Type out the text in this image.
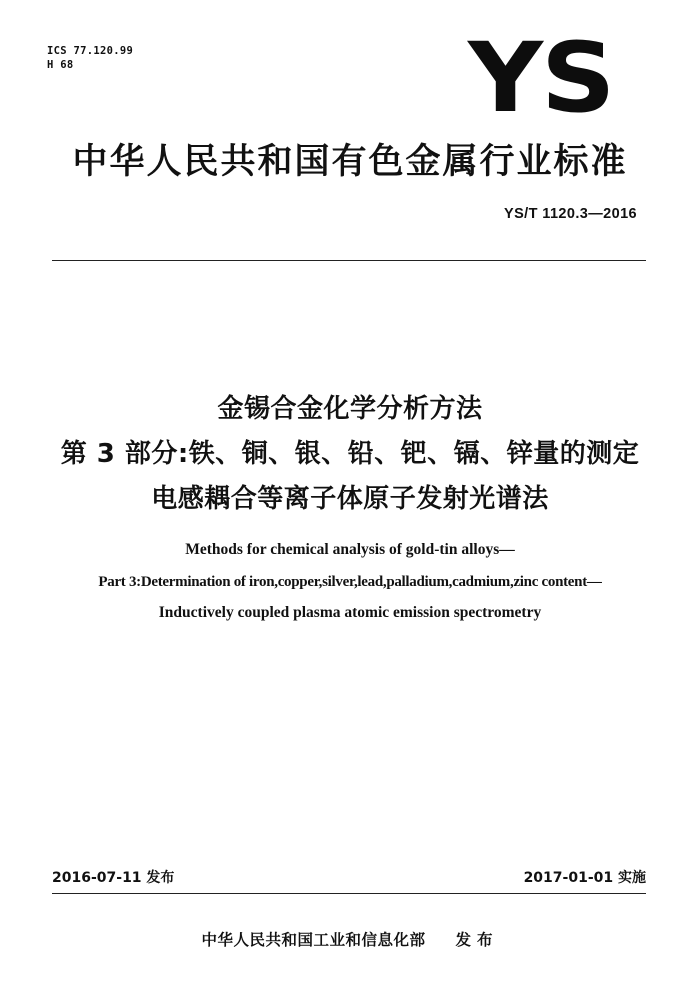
ICS 77.120.99
H 68	YS
中华人民共和国有色金属行业标准
YS/T 1120.3—2016
金锡合金化学分析方法
第 3 部分:铁、铜、银、铅、钯、镉、锌量的测定
电感耦合等离子体原子发射光谱法
Methods for chemical analysis of gold-tin alloys—
Part 3:Determination of iron,copper,silver,lead,palladium,cadmium,zinc content—
Inductively coupled plasma atomic emission spectrometry
2016-07-11 发布	2017-01-01 实施
中华人民共和国工业和信息化部 发布
